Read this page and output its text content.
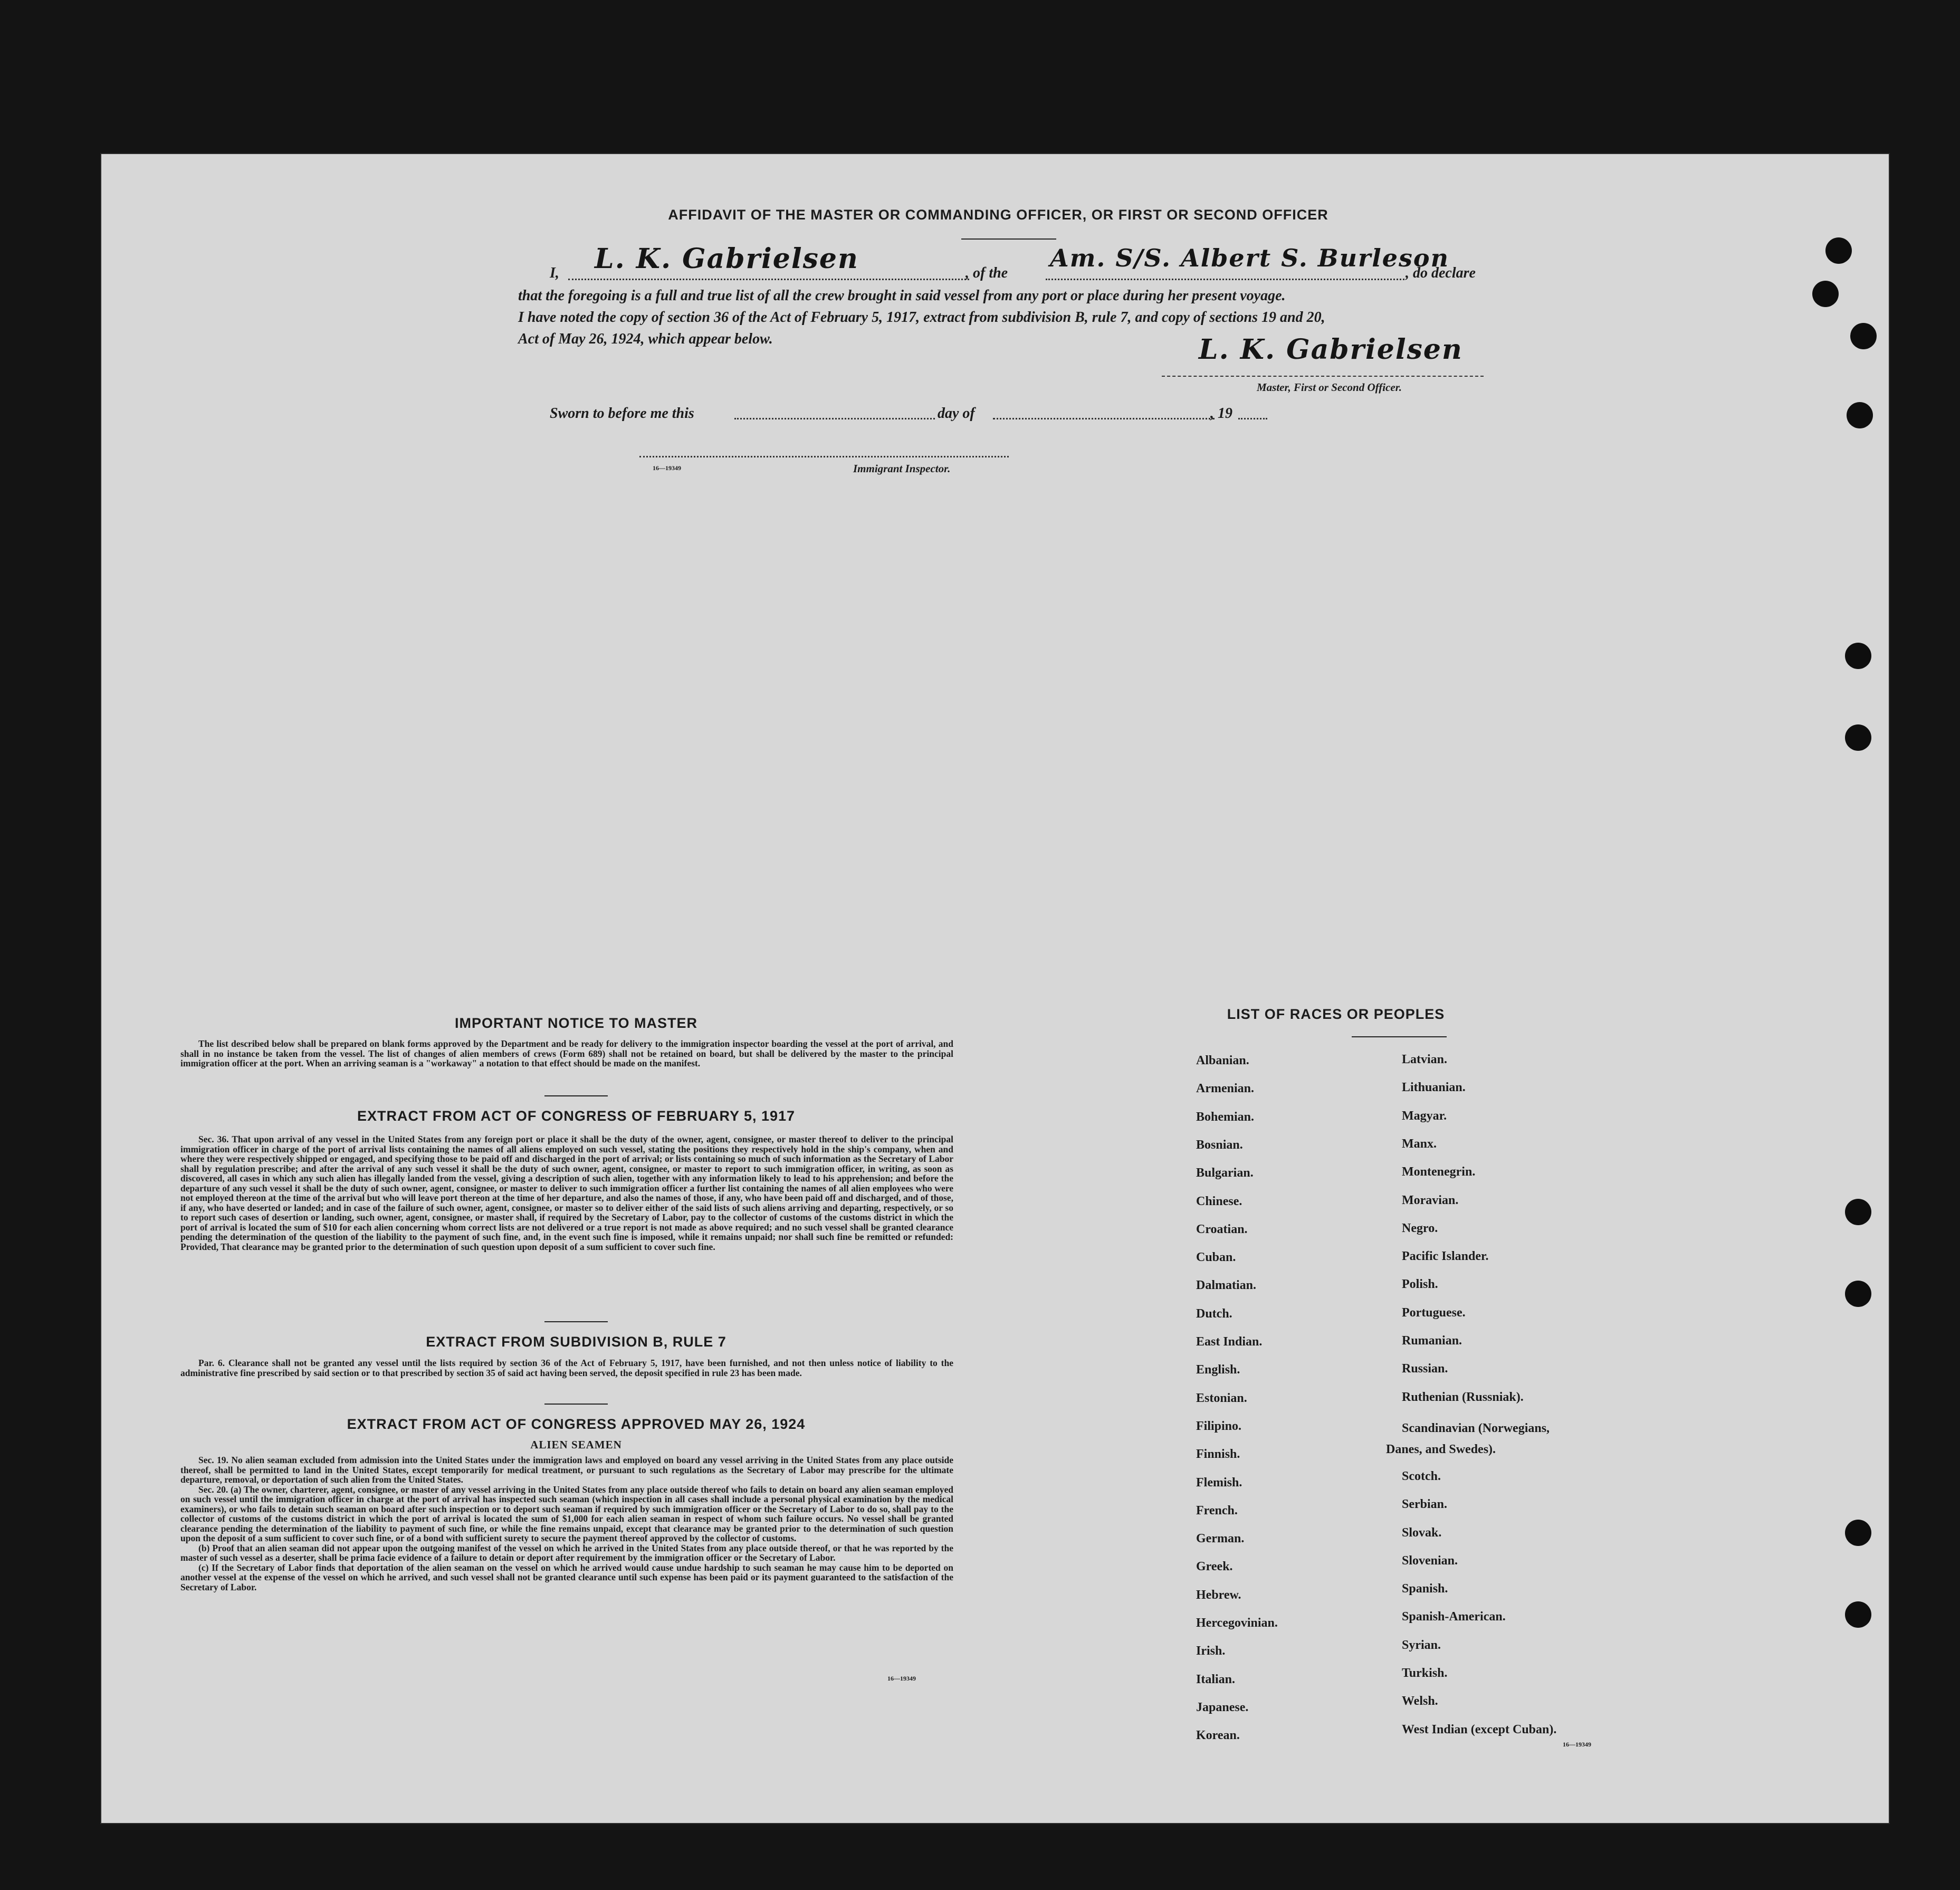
AFFIDAVIT OF THE MASTER OR COMMANDING OFFICER, OR FIRST OR SECOND OFFICER
I, L. K. Gabrielsen	, of the
Am. S/S. Albert S. Burleson
, do declare
that the foregoing is a full and true list of all the crew brought in said vessel from any port or place during her present voyage.
I have noted the copy of section 36 of the Act of February 5, 1917, extract from subdivision B, rule 7, and copy of sections 19 and 20,
Act of May 26, 1924, which appear below.	L. K. Gabrielsen
Master, First or Second Officer.
Sworn to before me this	day of	, 19
16—19349	Immigrant Inspector.
IMPORTANT NOTICE TO MASTER

The list described below shall be prepared on blank forms approved by the Department and be ready for delivery to the immigration inspector boarding the vessel at the port of arrival, and shall in no instance be taken from the vessel. The list of changes of alien members of crews (Form 689) shall not be retained on board, but shall be delivered by the master to the principal immigration officer at the port. When an arriving seaman is a "workaway" a notation to that effect should be made on the manifest.

EXTRACT FROM ACT OF CONGRESS OF FEBRUARY 5, 1917

Sec. 36. That upon arrival of any vessel in the United States from any foreign port or place it shall be the duty of the owner, agent, consignee, or master thereof to deliver to the principal immigration officer in charge of the port of arrival lists containing the names of all aliens employed on such vessel, stating the positions they respectively hold in the ship's company, when and where they were respectively shipped or engaged, and specifying those to be paid off and discharged in the port of arrival; or lists containing so much of such information as the Secretary of Labor shall by regulation prescribe; and after the arrival of any such vessel it shall be the duty of such owner, agent, consignee, or master to report to such immigration officer, in writing, as soon as discovered, all cases in which any such alien has illegally landed from the vessel, giving a description of such alien, together with any information likely to lead to his apprehension; and before the departure of any such vessel it shall be the duty of such owner, agent, consignee, or master to deliver to such immigration officer a further list containing the names of all alien employees who were not employed thereon at the time of the arrival but who will leave port thereon at the time of her departure, and also the names of those, if any, who have been paid off and discharged, and of those, if any, who have deserted or landed; and in case of the failure of such owner, agent, consignee, or master so to deliver either of the said lists of such aliens arriving and departing, respectively, or so to report such cases of desertion or landing, such owner, agent, consignee, or master shall, if required by the Secretary of Labor, pay to the collector of customs of the customs district in which the port of arrival is located the sum of $10 for each alien concerning whom correct lists are not delivered or a true report is not made as above required; and no such vessel shall be granted clearance pending the determination of the question of the liability to the payment of such fine, and, in the event such fine is imposed, while it remains unpaid; nor shall such fine be remitted or refunded: Provided, That clearance may be granted prior to the determination of such question upon deposit of a sum sufficient to cover such fine.

EXTRACT FROM SUBDIVISION B, RULE 7

Par. 6. Clearance shall not be granted any vessel until the lists required by section 36 of the Act of February 5, 1917, have been furnished, and not then unless notice of liability to the administrative fine prescribed by said section or to that prescribed by section 35 of said act having been served, the deposit specified in rule 23 has been made.

EXTRACT FROM ACT OF CONGRESS APPROVED MAY 26, 1924
ALIEN SEAMEN

Sec. 19. No alien seaman excluded from admission into the United States under the immigration laws and employed on board any vessel arriving in the United States from any place outside thereof, shall be permitted to land in the United States, except temporarily for medical treatment, or pursuant to such regulations as the Secretary of Labor may prescribe for the ultimate departure, removal, or deportation of such alien from the United States.

Sec. 20. (a) The owner, charterer, agent, consignee, or master of any vessel arriving in the United States from any place outside thereof who fails to detain on board any alien seaman employed on such vessel until the immigration officer in charge at the port of arrival has inspected such seaman (which inspection in all cases shall include a personal physical examination by the medical examiners), or who fails to detain such seaman on board after such inspection or to deport such seaman if required by such immigration officer or the Secretary of Labor to do so, shall pay to the collector of customs of the customs district in which the port of arrival is located the sum of $1,000 for each alien seaman in respect of whom such failure occurs. No vessel shall be granted clearance pending the determination of the liability to payment of such fine, or while the fine remains unpaid, except that clearance may be granted prior to the determination of such question upon the deposit of a sum sufficient to cover such fine, or of a bond with sufficient surety to secure the payment thereof approved by the collector of customs.

(b) Proof that an alien seaman did not appear upon the outgoing manifest of the vessel on which he arrived in the United States from any place outside thereof, or that he was reported by the master of such vessel as a deserter, shall be prima facie evidence of a failure to detain or deport after requirement by the immigration officer or the Secretary of Labor.

(c) If the Secretary of Labor finds that deportation of the alien seaman on the vessel on which he arrived would cause undue hardship to such seaman he may cause him to be deported on another vessel at the expense of the vessel on which he arrived, and such vessel shall not be granted clearance until such expense has been paid or its payment guaranteed to the satisfaction of the Secretary of Labor.

16—19349
LIST OF RACES OR PEOPLES
Danes, and Swedes).
16—19349
Albanian.
Armenian.
Bohemian.
Bosnian.
Bulgarian.
Chinese.
Croatian.
Cuban.
Dalmatian.
Dutch.
East Indian.
English.
Estonian.
Filipino.
Finnish.
Flemish.
French.
German.
Greek.
Hebrew.
Hercegovinian.
Irish.
Italian.
Japanese.
Korean.
Latvian.
Lithuanian.
Magyar.
Manx.
Montenegrin.
Moravian.
Negro.
Pacific Islander.
Polish.
Portuguese.
Rumanian.
Russian.
Ruthenian (Russniak).
Scandinavian (Norwegians,
Scotch.
Serbian.
Slovak.
Slovenian.
Spanish.
Spanish-American.
Syrian.
Turkish.
Welsh.
West Indian (except Cuban).
